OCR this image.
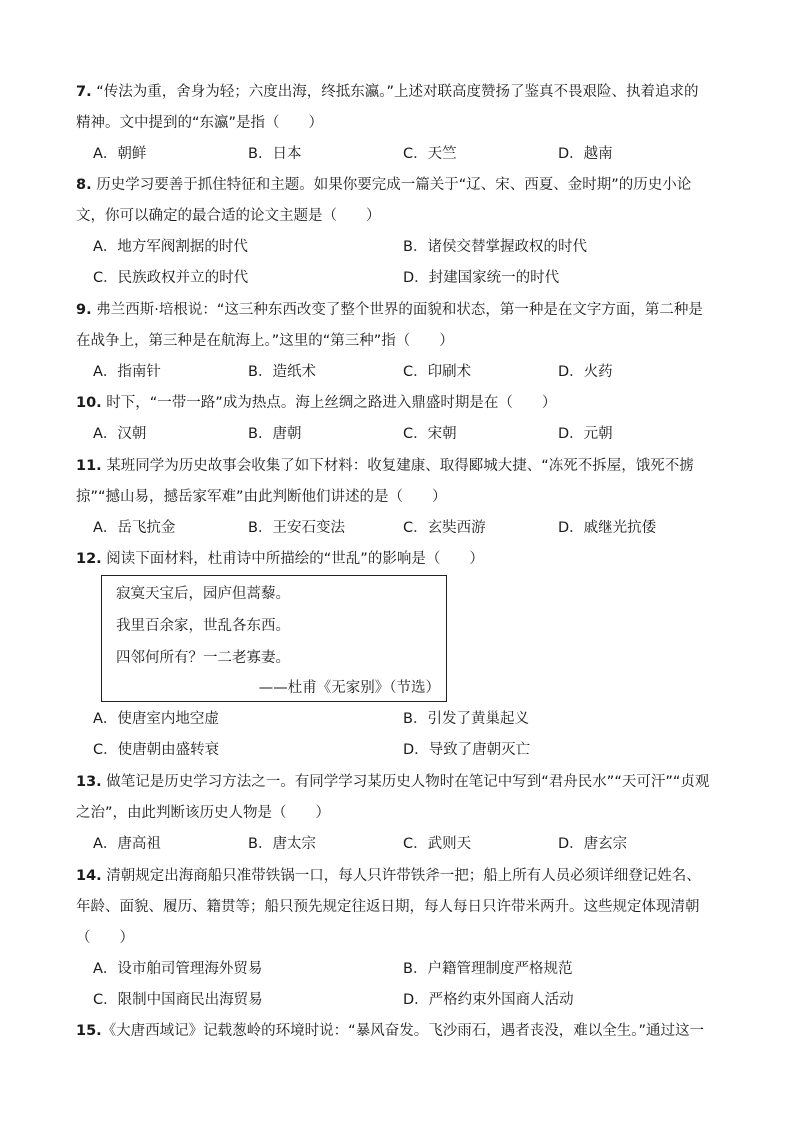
7. “传法为重，舍身为轻；六度出海，终抵东瀛。”上述对联高度赞扬了鉴真不畏艰险、执着追求的
精神。文中提到的“东瀛”是指（　　）
A．朝鲜	B．日本	C．天竺	D．越南
8. 历史学习要善于抓住特征和主题。如果你要完成一篇关于“辽、宋、西夏、金时期”的历史小论
文，你可以确定的最合适的论文主题是（　　）
A．地方军阀割据的时代	B．诸侯交替掌握政权的时代
C．民族政权并立的时代	D．封建国家统一的时代
9. 弗兰西斯·培根说：“这三种东西改变了整个世界的面貌和状态，第一种是在文字方面，第二种是
在战争上，第三种是在航海上。”这里的“第三种”指（　　）
A．指南针	B．造纸术	C．印刷术	D．火药
10. 时下，“一带一路”成为热点。海上丝绸之路进入鼎盛时期是在（　　）
A．汉朝	B．唐朝	C．宋朝	D．元朝
11. 某班同学为历史故事会收集了如下材料：收复建康、取得郾城大捷、“冻死不拆屋，饿死不掳
掠”“撼山易，撼岳家军难”由此判断他们讲述的是（　　）
A．岳飞抗金	B．王安石变法	C．玄奘西游	D．戚继光抗倭
12. 阅读下面材料，杜甫诗中所描绘的“世乱”的影响是（　　）
寂寞天宝后，园庐但蒿藜。
我里百余家，世乱各东西。
四邻何所有？一二老寡妻。
——杜甫《无家别》（节选）
A．使唐室内地空虚	B．引发了黄巢起义
C．使唐朝由盛转衰	D．导致了唐朝灭亡
13. 做笔记是历史学习方法之一。有同学学习某历史人物时在笔记中写到“君舟民水”“天可汗”“贞观
之治”，由此判断该历史人物是（　　）
A．唐高祖	B．唐太宗	C．武则天	D．唐玄宗
14. 清朝规定出海商船只准带铁锅一口，每人只许带铁斧一把；船上所有人员必须详细登记姓名、
年龄、面貌、履历、籍贯等；船只预先规定往返日期，每人每日只许带米两升。这些规定体现清朝
（　　）
A．设市舶司管理海外贸易	B．户籍管理制度严格规范
C．限制中国商民出海贸易	D．严格约束外国商人活动
15.《大唐西域记》记载葱岭的环境时说：“暴风奋发。飞沙雨石，遇者丧没，难以全生。”通过这一
